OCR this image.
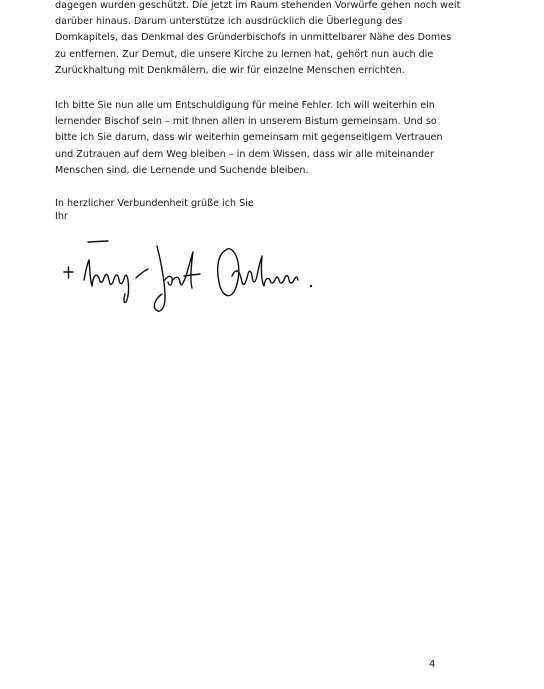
dagegen wurden geschützt. Die jetzt im Raum stehenden Vorwürfe gehen noch weit
darüber hinaus. Darum unterstütze ich ausdrücklich die Überlegung des
Domkapitels, das Denkmal des Gründerbischofs in unmittelbarer Nähe des Domes
zu entfernen. Zur Demut, die unsere Kirche zu lernen hat, gehört nun auch die
Zurückhaltung mit Denkmälern, die wir für einzelne Menschen errichten.

Ich bitte Sie nun alle um Entschuldigung für meine Fehler. Ich will weiterhin ein
lernender Bischof sein – mit Ihnen allen in unserem Bistum gemeinsam. Und so
bitte ich Sie darum, dass wir weiterhin gemeinsam mit gegenseitigem Vertrauen
und Zutrauen auf dem Weg bleiben – in dem Wissen, dass wir alle miteinander
Menschen sind, die Lernende und Suchende bleiben.

In herzlicher Verbundenheit grüße ich Sie
Ihr

4
